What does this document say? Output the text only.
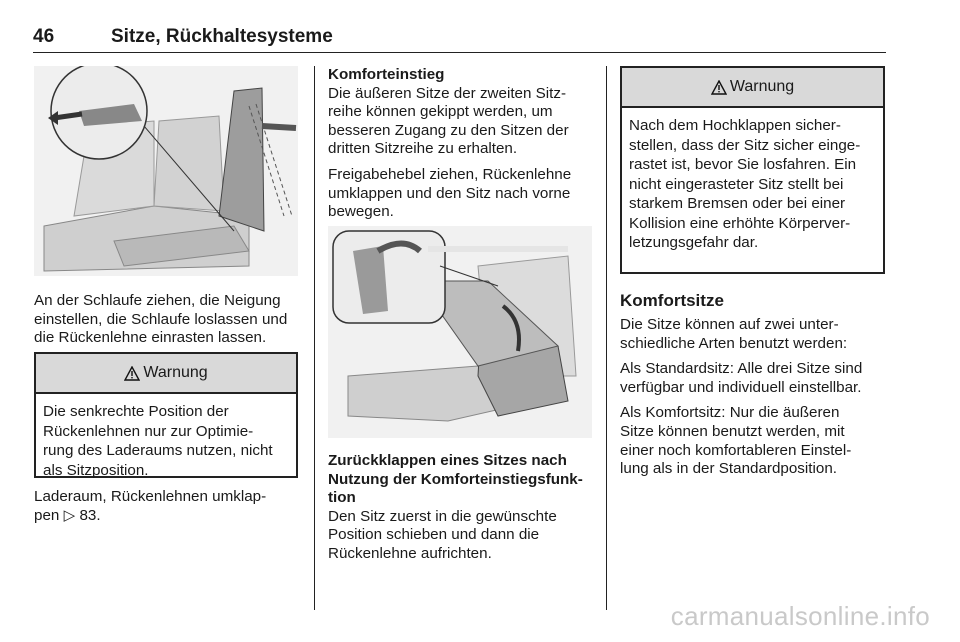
46	Sitze, Rückhaltesysteme

An der Schlaufe ziehen, die Neigung

einstellen, die Schlaufe loslassen und

die Rückenlehne einrasten lassen.

Warnung
Die senkrechte Position der
Rückenlehnen nur zur Optimie-
rung des Laderaums nutzen, nicht
als Sitzposition.

Laderaum, Rückenlehnen umklap-

pen ▷ 83.

Komforteinstieg

Die äußeren Sitze der zweiten Sitz-

reihe können gekippt werden, um

besseren Zugang zu den Sitzen der

dritten Sitzreihe zu erhalten.

Freigabehebel ziehen, Rückenlehne

umklappen und den Sitz nach vorne

bewegen.

Zurückklappen eines Sitzes nach

Nutzung der Komforteinstiegsfunk-

tion

Den Sitz zuerst in die gewünschte

Position schieben und dann die

Rückenlehne aufrichten.

Warnung
Nach dem Hochklappen sicher-
stellen, dass der Sitz sicher einge-
rastet ist, bevor Sie losfahren. Ein
nicht eingerasteter Sitz stellt bei
starkem Bremsen oder bei einer
Kollision eine erhöhte Körperver-
letzungsgefahr dar.

Komfortsitze

Die Sitze können auf zwei unter-

schiedliche Arten benutzt werden:

Als Standardsitz: Alle drei Sitze sind

verfügbar und individuell einstellbar.

Als Komfortsitz: Nur die äußeren

Sitze können benutzt werden, mit

einer noch komfortableren Einstel-

lung als in der Standardposition.

carmanualsonline.info
